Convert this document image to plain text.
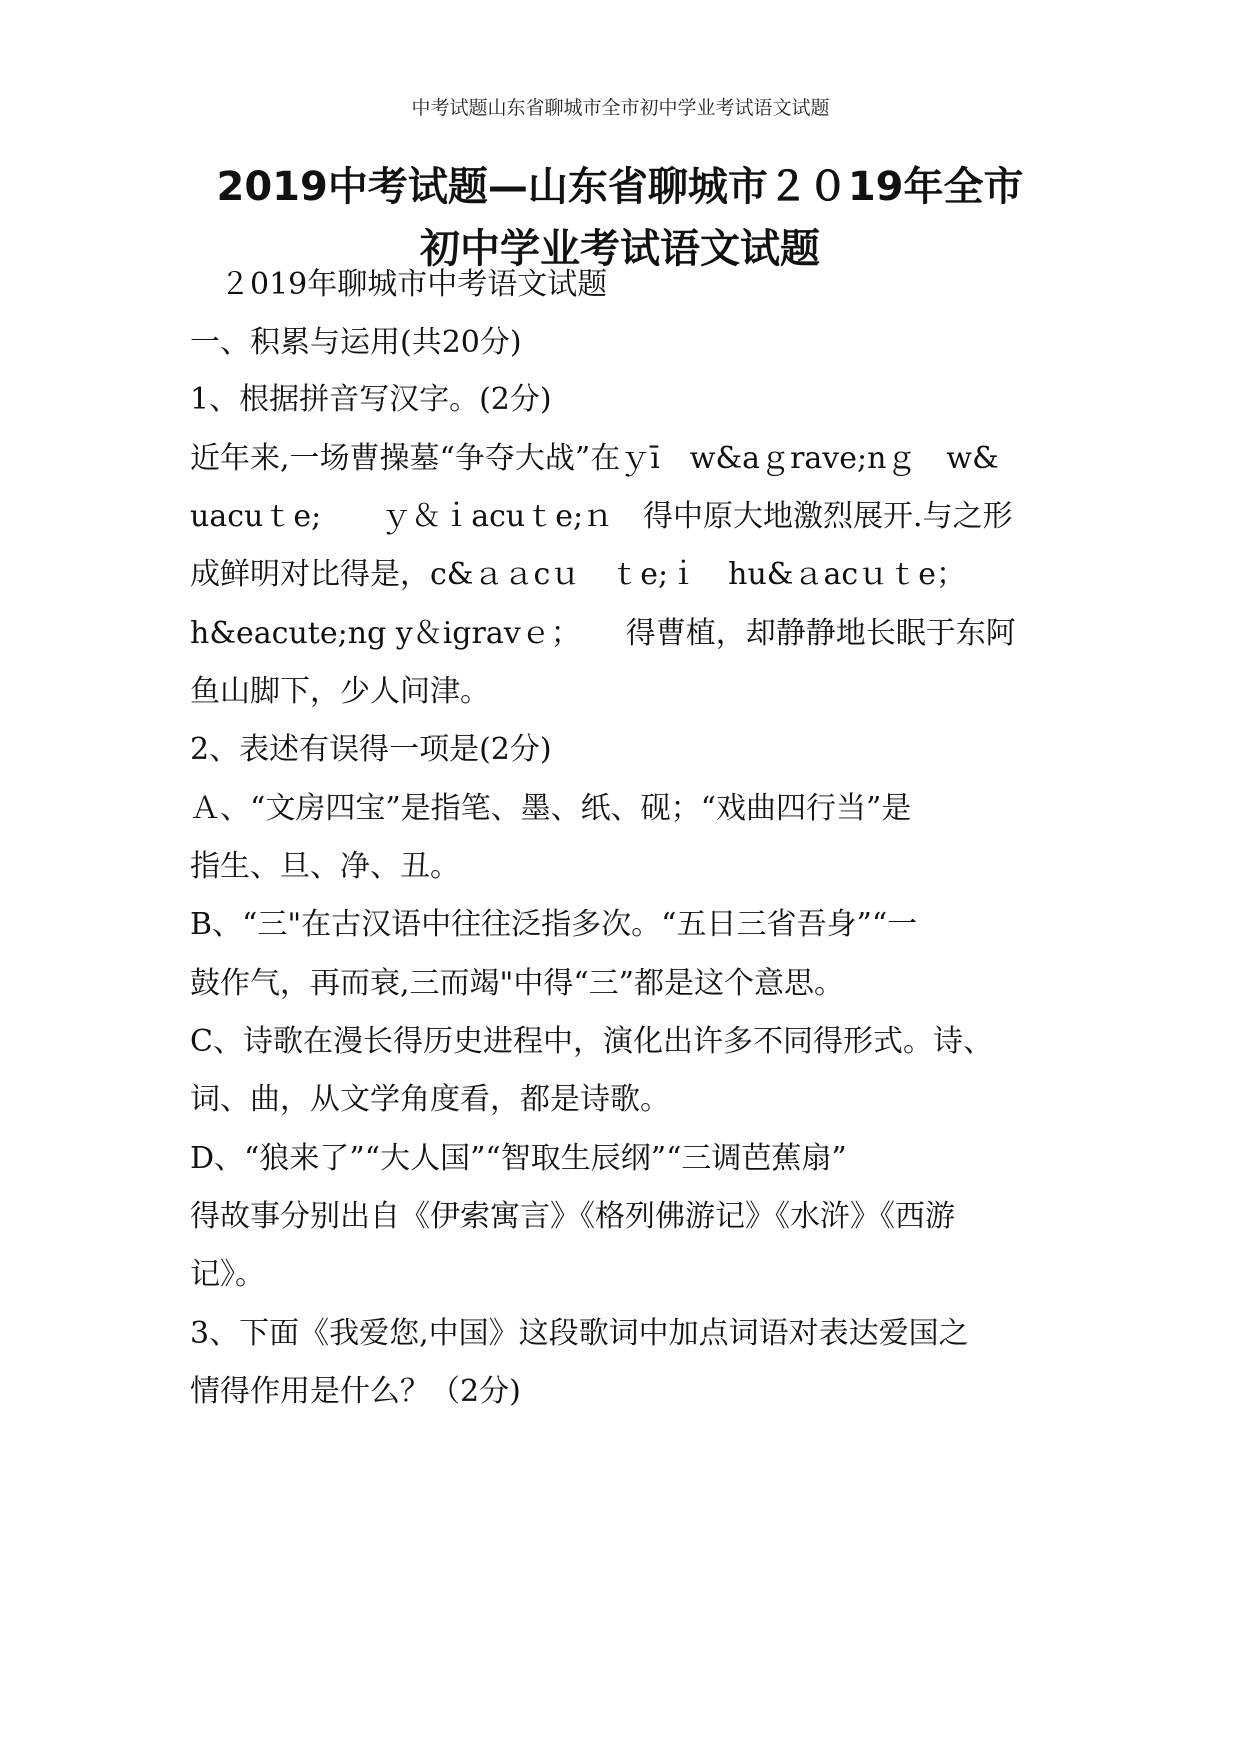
中考试题山东省聊城市全市初中学业考试语文试题
2019中考试题—山东省聊城市２０19年全市
初中学业考试语文试题
　２019年聊城市中考语文试题
一、积累与运用(共20分)
1、根据拼音写汉字。(2分)
近年来,一场曹操墓“争夺大战”在ｙī　w&aｇrave;nｇ　w&
uacuｔe;　　ｙ＆ｉacuｔe;ｎ　得中原大地激烈展开.与之形
成鲜明对比得是，c&ａａcｕ　ｔe;ｉ　hu&ａacｕｔe；
h&eacute;ng y＆igravｅ；　　得曹植，却静静地长眠于东阿
鱼山脚下，少人问津。
2、表述有误得一项是(2分)
Ａ、“文房四宝”是指笔、墨、纸、砚；“戏曲四行当”是
指生、旦、净、丑。
B、“三"在古汉语中往往泛指多次。“五日三省吾身”“一
鼓作气，再而衰,三而竭"中得“三”都是这个意思。
C、诗歌在漫长得历史进程中，演化出许多不同得形式。诗、
词、曲，从文学角度看，都是诗歌。
D、“狼来了”“大人国”“智取生辰纲”“三调芭蕉扇”
得故事分别出自《伊索寓言》《格列佛游记》《水浒》《西游
记》。
3、下面《我爱您,中国》这段歌词中加点词语对表达爱国之
情得作用是什么？（2分)
